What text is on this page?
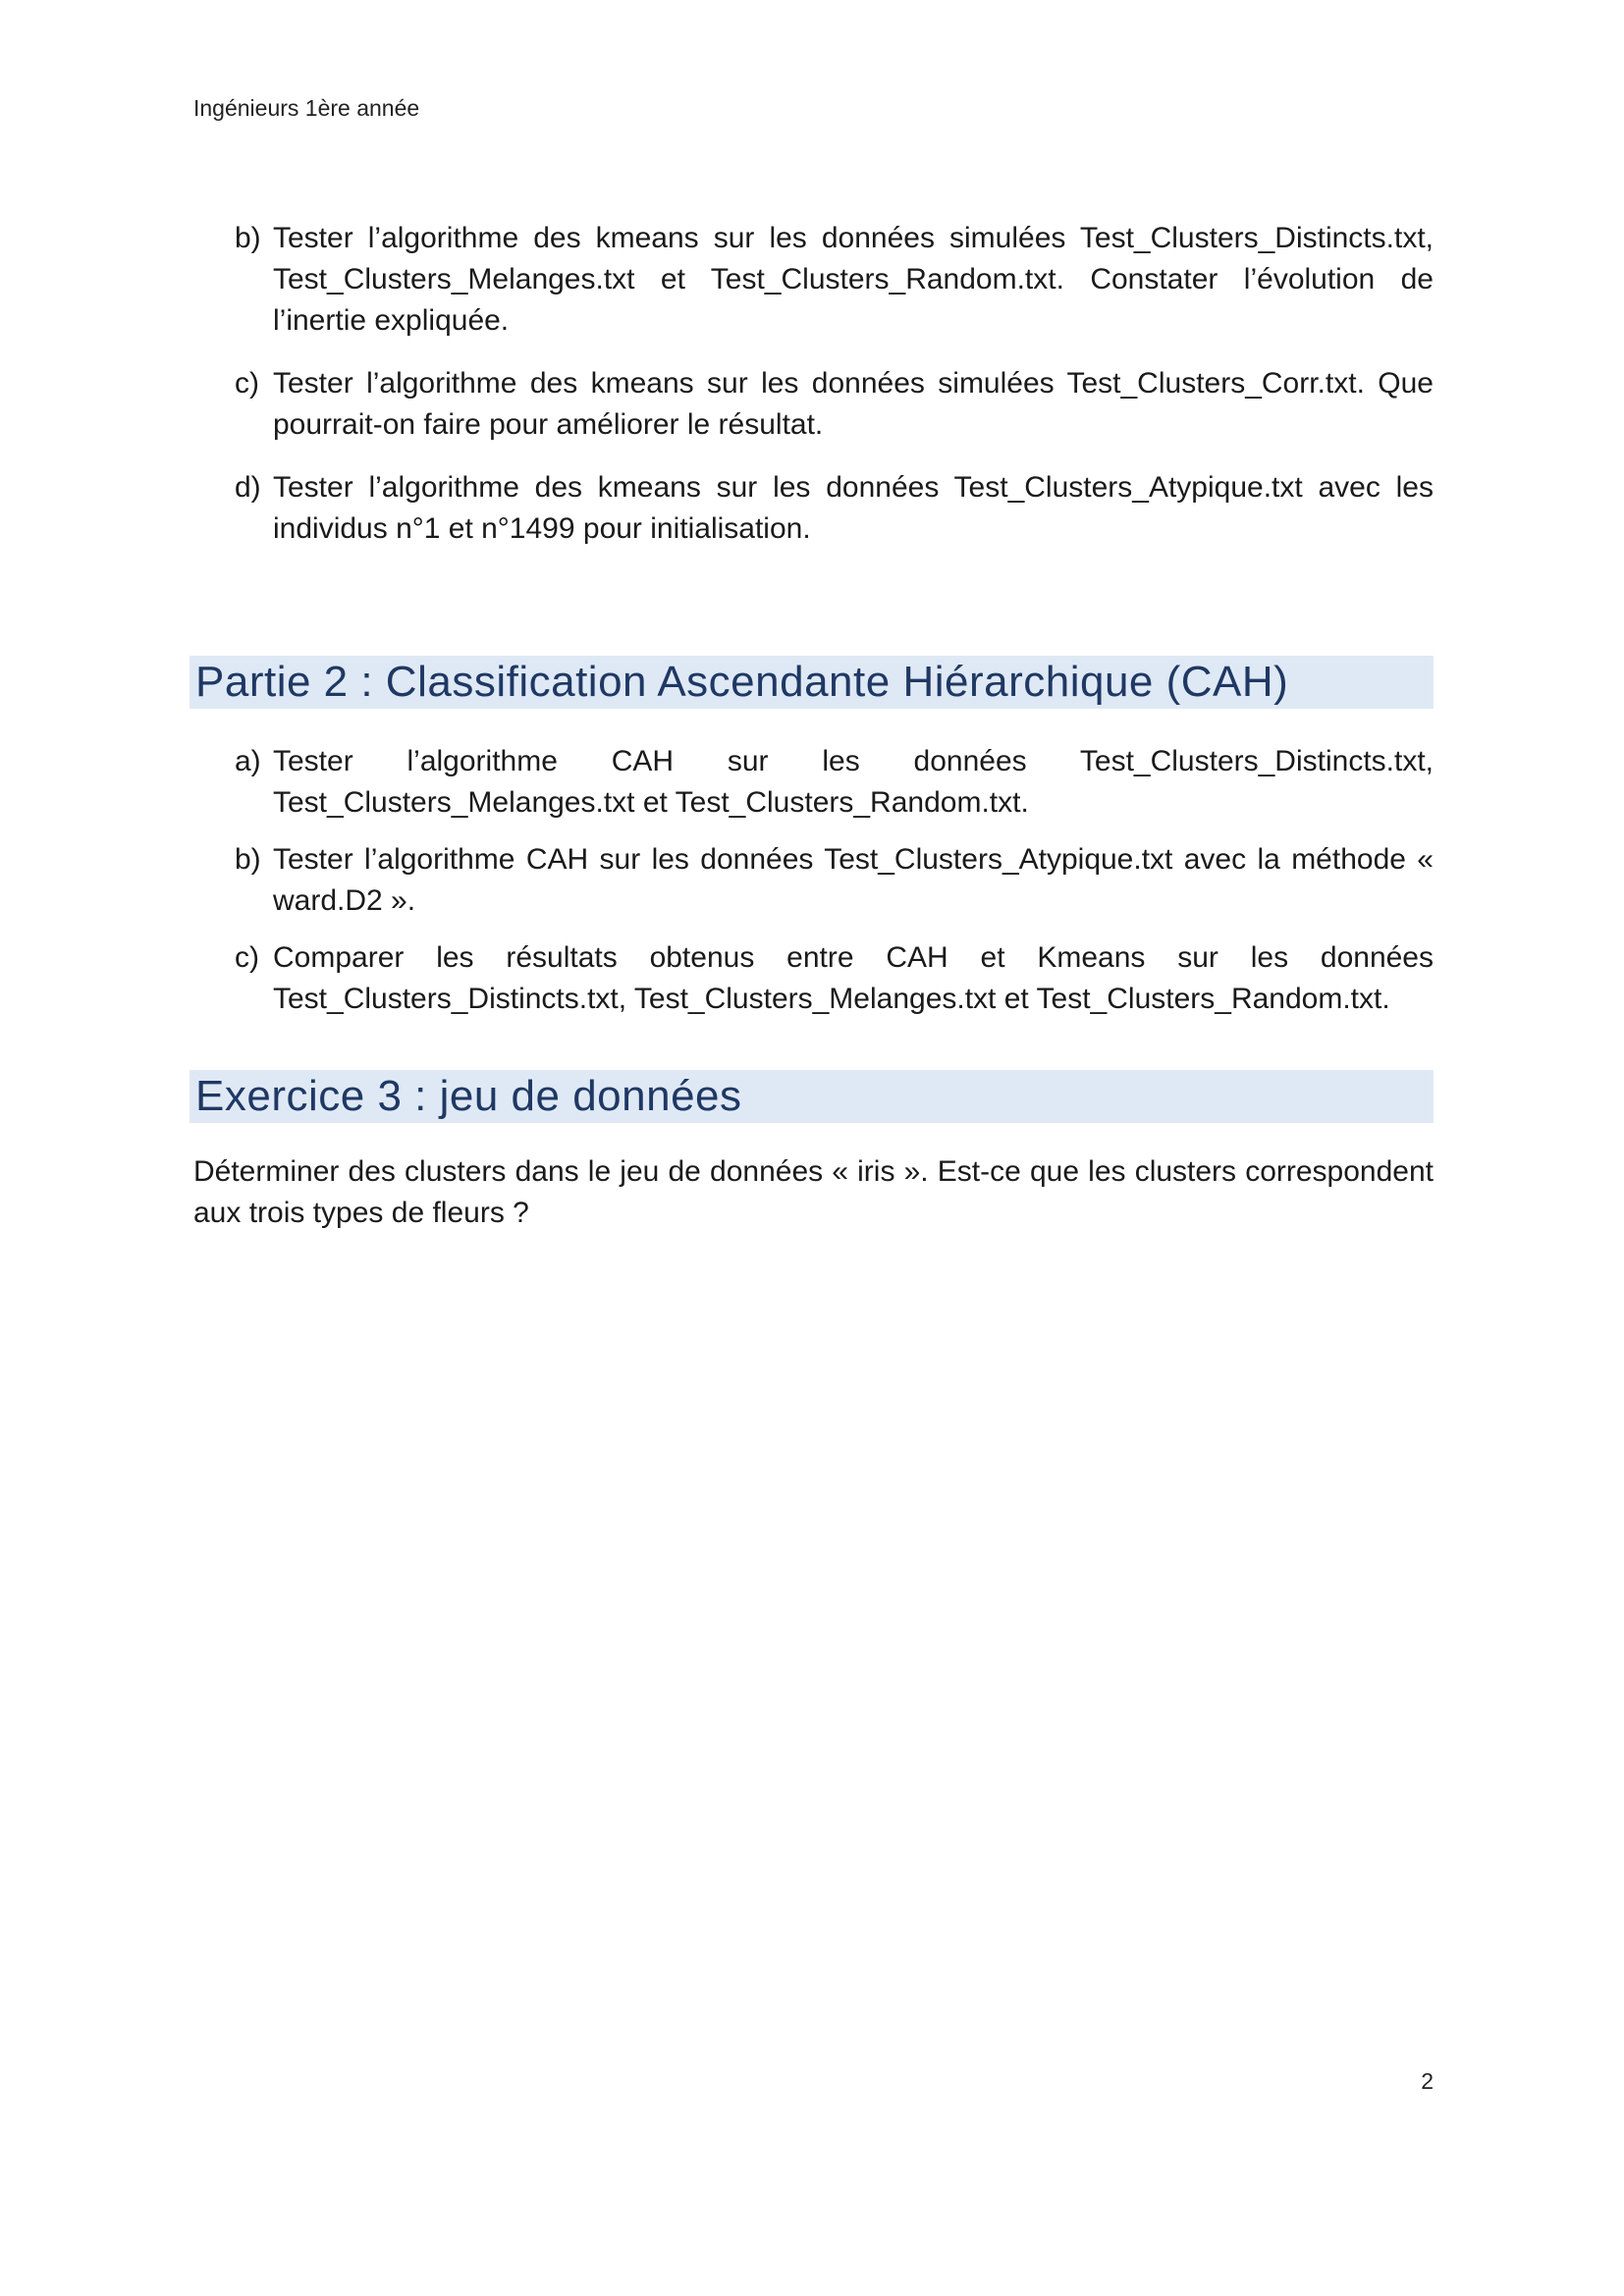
Ingénieurs 1ère année
b) Tester l’algorithme des kmeans sur les données simulées Test_Clusters_Distincts.txt, Test_Clusters_Melanges.txt et Test_Clusters_Random.txt. Constater l’évolution de l’inertie expliquée.
c) Tester l’algorithme des kmeans sur les données simulées Test_Clusters_Corr.txt. Que pourrait-on faire pour améliorer le résultat.
d) Tester l’algorithme des kmeans sur les données Test_Clusters_Atypique.txt avec les individus n°1 et n°1499 pour initialisation.
Partie 2 : Classification Ascendante Hiérarchique (CAH)
a) Tester l’algorithme CAH sur les données Test_Clusters_Distincts.txt, Test_Clusters_Melanges.txt et Test_Clusters_Random.txt.
b) Tester l’algorithme CAH sur les données Test_Clusters_Atypique.txt avec la méthode « ward.D2 ».
c) Comparer les résultats obtenus entre CAH et Kmeans sur les données Test_Clusters_Distincts.txt, Test_Clusters_Melanges.txt et Test_Clusters_Random.txt.
Exercice 3 : jeu de données

Déterminer des clusters dans le jeu de données « iris ». Est-ce que les clusters correspondent aux trois types de fleurs ?

2
